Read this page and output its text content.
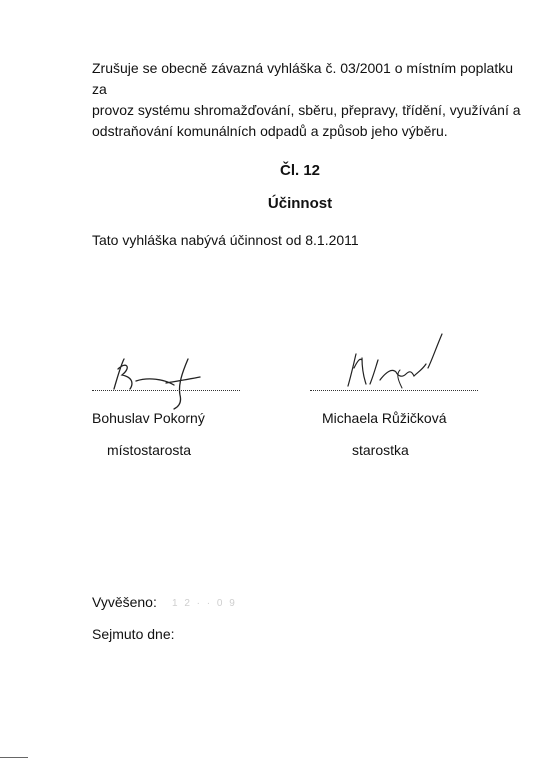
Zrušuje se obecně závazná vyhláška č. 03/2001 o místním poplatku za
provoz systému shromažďování, sběru, přepravy, třídění, využívání a
odstraňování komunálních odpadů a způsob jeho výběru.

Čl. 12

Účinnost

Tato vyhláška nabývá účinnost od 8.1.2011

Bohuslav Pokorný

místostarosta

Michaela Růžičková

starostka

Vyvěšeno: 1 2 · · 0 9

Sejmuto dne:
